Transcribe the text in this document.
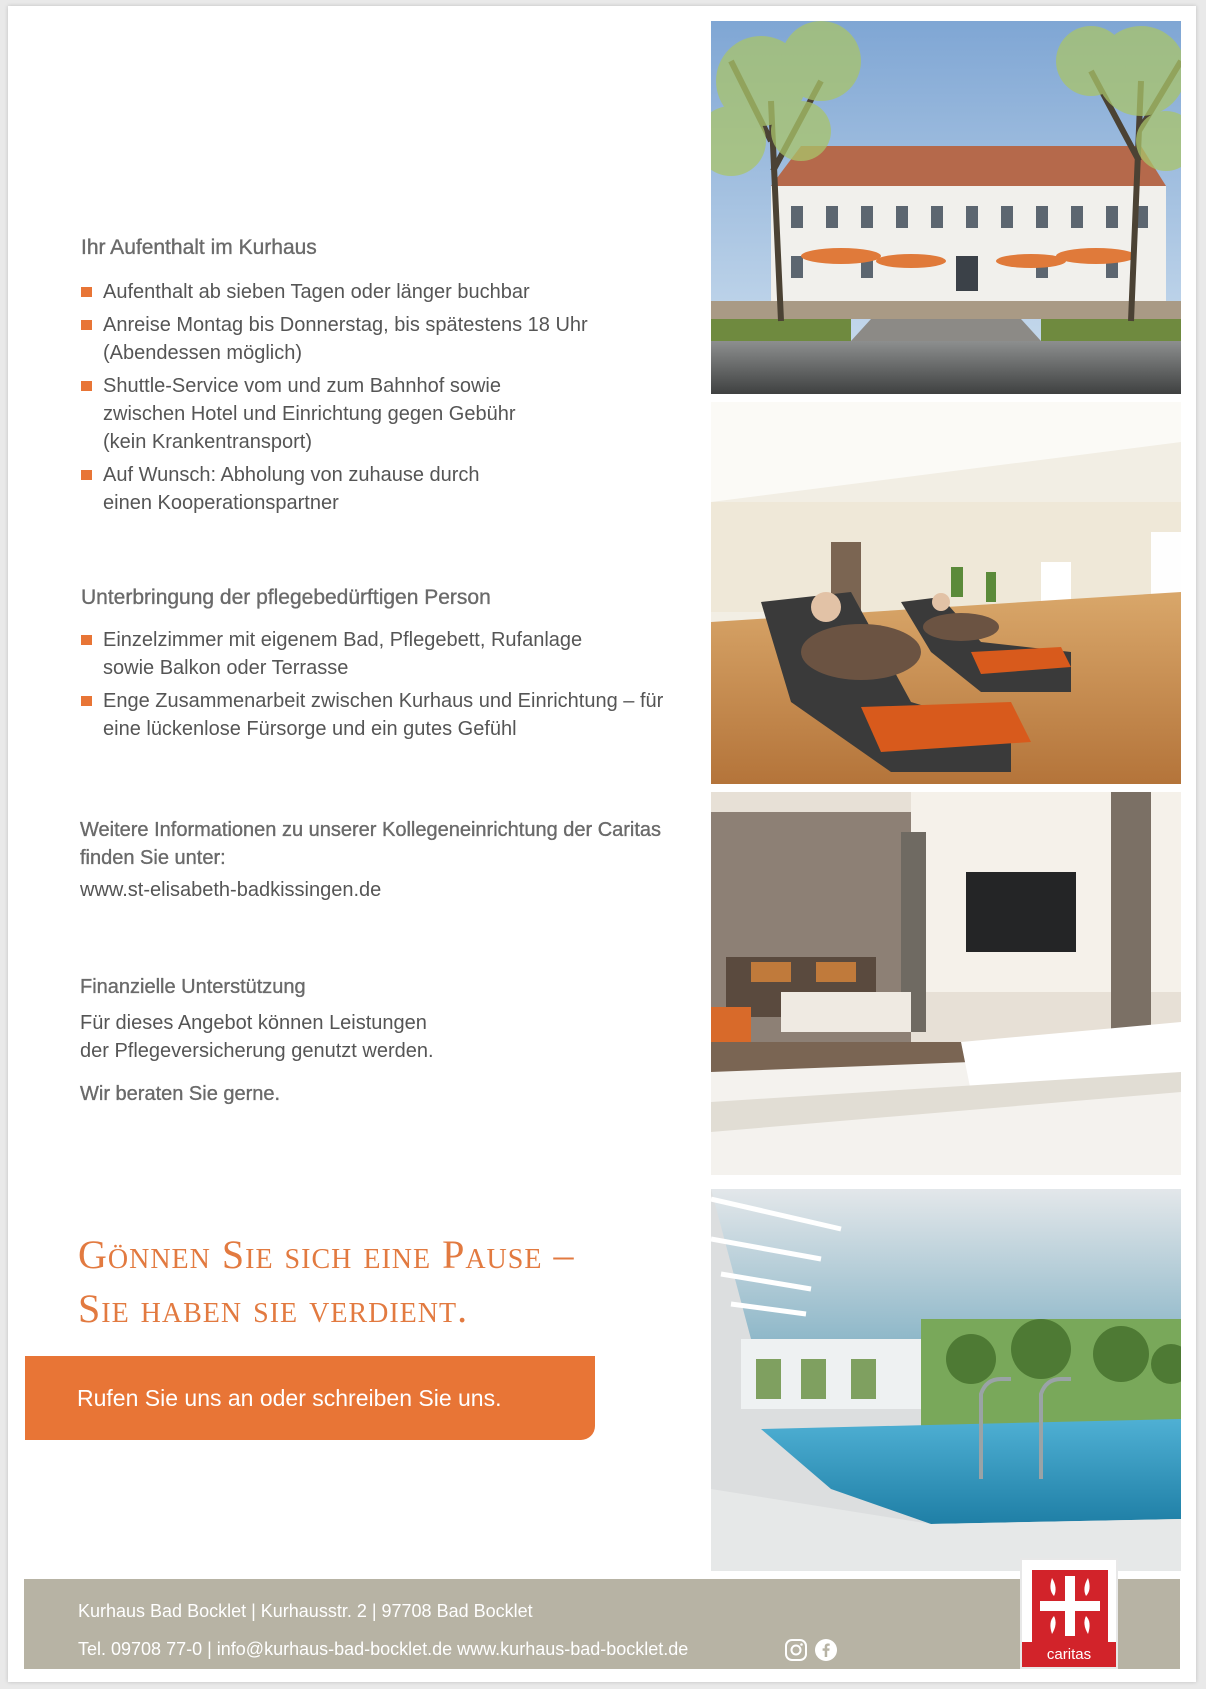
Ihr Aufenthalt im Kurhaus
Aufenthalt ab sieben Tagen oder länger buchbar
Anreise Montag bis Donnerstag, bis spätestens 18 Uhr (Abendessen möglich)
Shuttle-Service vom und zum Bahnhof sowie zwischen Hotel und Einrichtung gegen Gebühr (kein Krankentransport)
Auf Wunsch: Abholung von zuhause durch einen Kooperationspartner
Unterbringung der pflegebedürftigen Person
Einzelzimmer mit eigenem Bad, Pflegebett, Rufanlage sowie Balkon oder Terrasse
Enge Zusammenarbeit zwischen Kurhaus und Einrichtung – für eine lückenlose Fürsorge und ein gutes Gefühl

Weitere Informationen zu unserer Kollegeneinrichtung der Caritas finden Sie unter:

www.st-elisabeth-badkissingen.de
Finanzielle Unterstützung

Für dieses Angebot können Leistungen der Pflegeversicherung genutzt werden.

Wir beraten Sie gerne.

Gönnen Sie sich eine Pause –
Sie haben sie verdient.
Rufen Sie uns an oder schreiben Sie uns.

Kurhaus Bad Bocklet | Kurhausstr. 2 | 97708 Bad Bocklet

Tel. 09708 77-0 | info@kurhaus-bad-bocklet.de www.kurhaus-bad-bocklet.de	caritas
